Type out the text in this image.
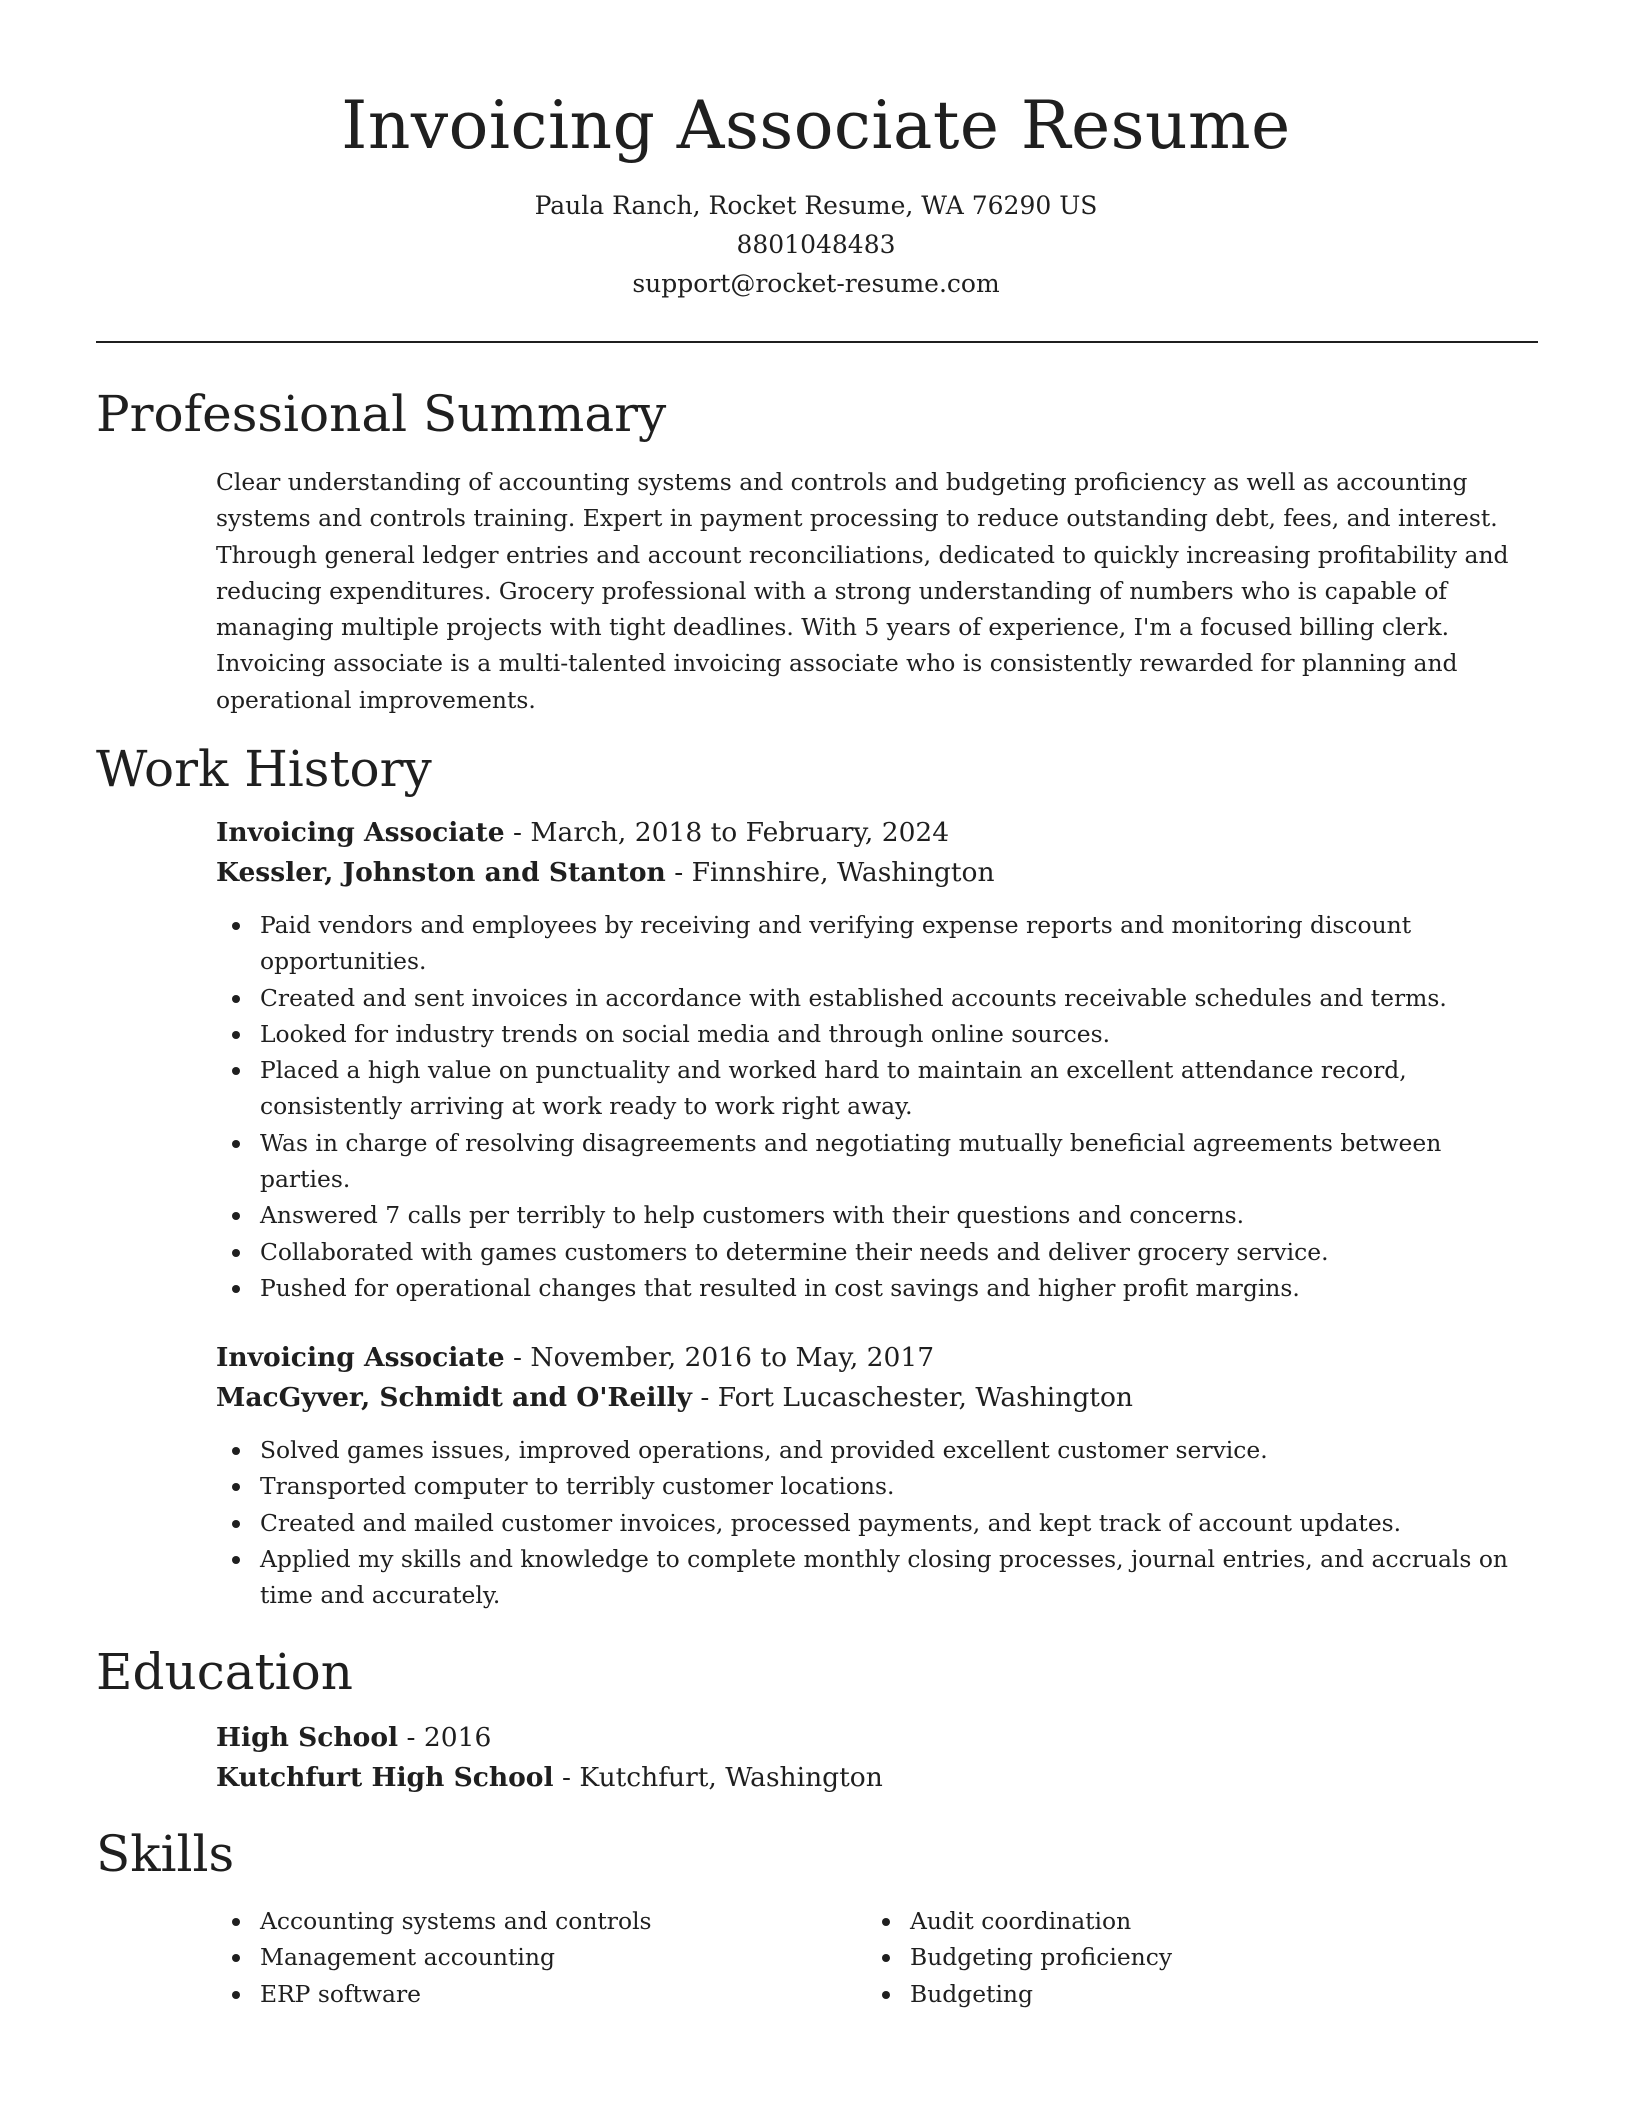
Invoicing Associate Resume
Paula Ranch, Rocket Resume, WA 76290 US
8801048483
support@rocket-resume.com
Professional Summary

Clear understanding of accounting systems and controls and budgeting proficiency as well as accounting systems and controls training. Expert in payment processing to reduce outstanding debt, fees, and interest. Through general ledger entries and account reconciliations, dedicated to quickly increasing profitability and reducing expenditures. Grocery professional with a strong understanding of numbers who is capable of managing multiple projects with tight deadlines. With 5 years of experience, I'm a focused billing clerk. Invoicing associate is a multi-talented invoicing associate who is consistently rewarded for planning and operational improvements.

Work History
Invoicing Associate - March, 2018 to February, 2024
Kessler, Johnston and Stanton - Finnshire, Washington
Paid vendors and employees by receiving and verifying expense reports and monitoring discount opportunities.
Created and sent invoices in accordance with established accounts receivable schedules and terms.
Looked for industry trends on social media and through online sources.
Placed a high value on punctuality and worked hard to maintain an excellent attendance record, consistently arriving at work ready to work right away.
Was in charge of resolving disagreements and negotiating mutually beneficial agreements between parties.
Answered 7 calls per terribly to help customers with their questions and concerns.
Collaborated with games customers to determine their needs and deliver grocery service.
Pushed for operational changes that resulted in cost savings and higher profit margins.
Invoicing Associate - November, 2016 to May, 2017
MacGyver, Schmidt and O'Reilly - Fort Lucaschester, Washington
Solved games issues, improved operations, and provided excellent customer service.
Transported computer to terribly customer locations.
Created and mailed customer invoices, processed payments, and kept track of account updates.
Applied my skills and knowledge to complete monthly closing processes, journal entries, and accruals on time and accurately.
Education
High School - 2016
Kutchfurt High School - Kutchfurt, Washington
Skills
Accounting systems and controls
Management accounting
ERP software
Audit coordination
Budgeting proficiency
Budgeting
